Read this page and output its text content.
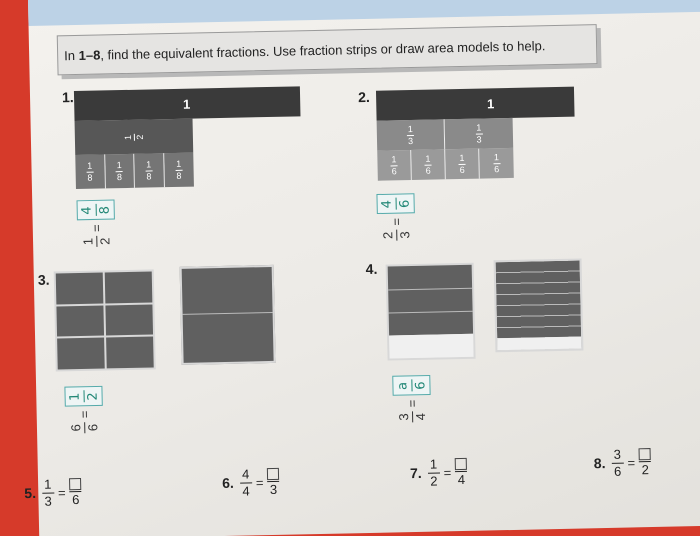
In
1–8 , find the equivalent fractions. Use fraction strips or draw area models to help.
1.	1
1 2
$\frac{1}{8} \frac{1}{8} \frac{1}{8}$	$\frac{1}{8}$
1 2
=
4 8
2.	1
$\frac{1}{3}$	$\frac{1}{3}$
$\frac{1}{6}$	$\frac{1}{6}$	$\frac{1}{6}$	$\frac{1}{6}$
2 3
=
4 6
3.
6 6
=
1 2
4.
3 4
=
a 6
5. $\frac{1}{3} = 6$
6. $\frac{4}{4} = 3$
7. $\frac{1}{2} = 4$
8. $\frac{3}{6} = 2$
